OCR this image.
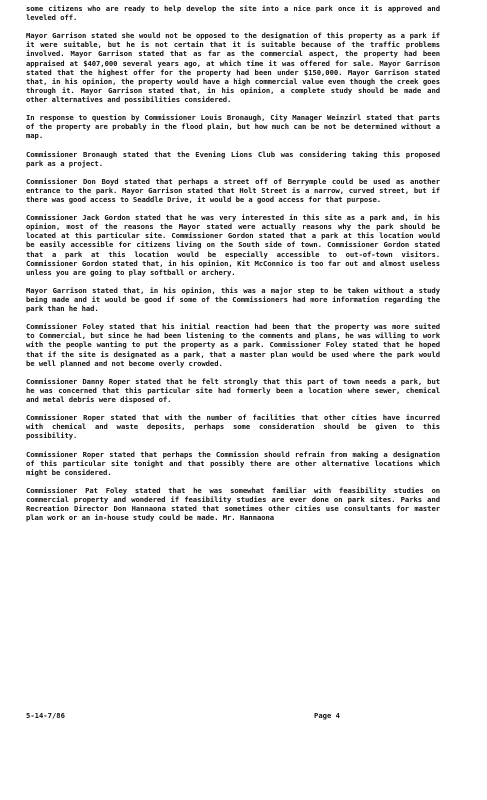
some citizens who are ready to help develop the site into a nice park once it is approved and leveled off.

Mayor Garrison stated she would not be opposed to the designation of this property as a park if it were suitable, but he is not certain that it is suitable because of the traffic problems involved. Mayor Garrison stated that as far as the commercial aspect, the property had been appraised at $407,000 several years ago, at which time it was offered for sale. Mayor Garrison stated that the highest offer for the property had been under $150,000. Mayor Garrison stated that, in his opinion, the property would have a high commercial value even though the creek goes through it. Mayor Garrison stated that, in his opinion, a complete study should be made and other alternatives and possibilities considered.

In response to question by Commissioner Louis Bronaugh, City Manager Weinzirl stated that parts of the property are probably in the flood plain, but how much can be not be determined without a map.

Commissioner Bronaugh stated that the Evening Lions Club was considering taking this proposed park as a project.

Commissioner Don Boyd stated that perhaps a street off of Berrymple could be used as another entrance to the park. Mayor Garrison stated that Holt Street is a narrow, curved street, but if there was good access to Seaddle Drive, it would be a good access for that purpose.

Commissioner Jack Gordon stated that he was very interested in this site as a park and, in his opinion, most of the reasons the Mayor stated were actually reasons why the park should be located at this particular site. Commissioner Gordon stated that a park at this location would be easily accessible for citizens living on the South side of town. Commissioner Gordon stated that a park at this location would be especially accessible to out-of-town visitors. Commissioner Gordon stated that, in his opinion, Kit McConnico is too far out and almost useless unless you are going to play softball or archery.

Mayor Garrison stated that, in his opinion, this was a major step to be taken without a study being made and it would be good if some of the Commissioners had more information regarding the park than he had.

Commissioner Foley stated that his initial reaction had been that the property was more suited to Commercial, but since he had been listening to the comments and plans, he was willing to work with the people wanting to put the property as a park. Commissioner Foley stated that he hoped that if the site is designated as a park, that a master plan would be used where the park would be well planned and not become overly crowded.

Commissioner Danny Roper stated that he felt strongly that this part of town needs a park, but he was concerned that this particular site had formerly been a location where sewer, chemical and metal debris were disposed of.

Commissioner Roper stated that with the number of facilities that other cities have incurred with chemical and waste deposits, perhaps some consideration should be given to this possibility.

Commissioner Roper stated that perhaps the Commission should refrain from making a designation of this particular site tonight and that possibly there are other alternative locations which might be considered.

Commissioner Pat Foley stated that he was somewhat familiar with feasibility studies on commercial property and wondered if feasibility studies are ever done on park sites. Parks and Recreation Director Don Hannaona stated that sometimes other cities use consultants for master plan work or an in-house study could be made. Mr. Hannaona

5-14-7/86	Page 4
